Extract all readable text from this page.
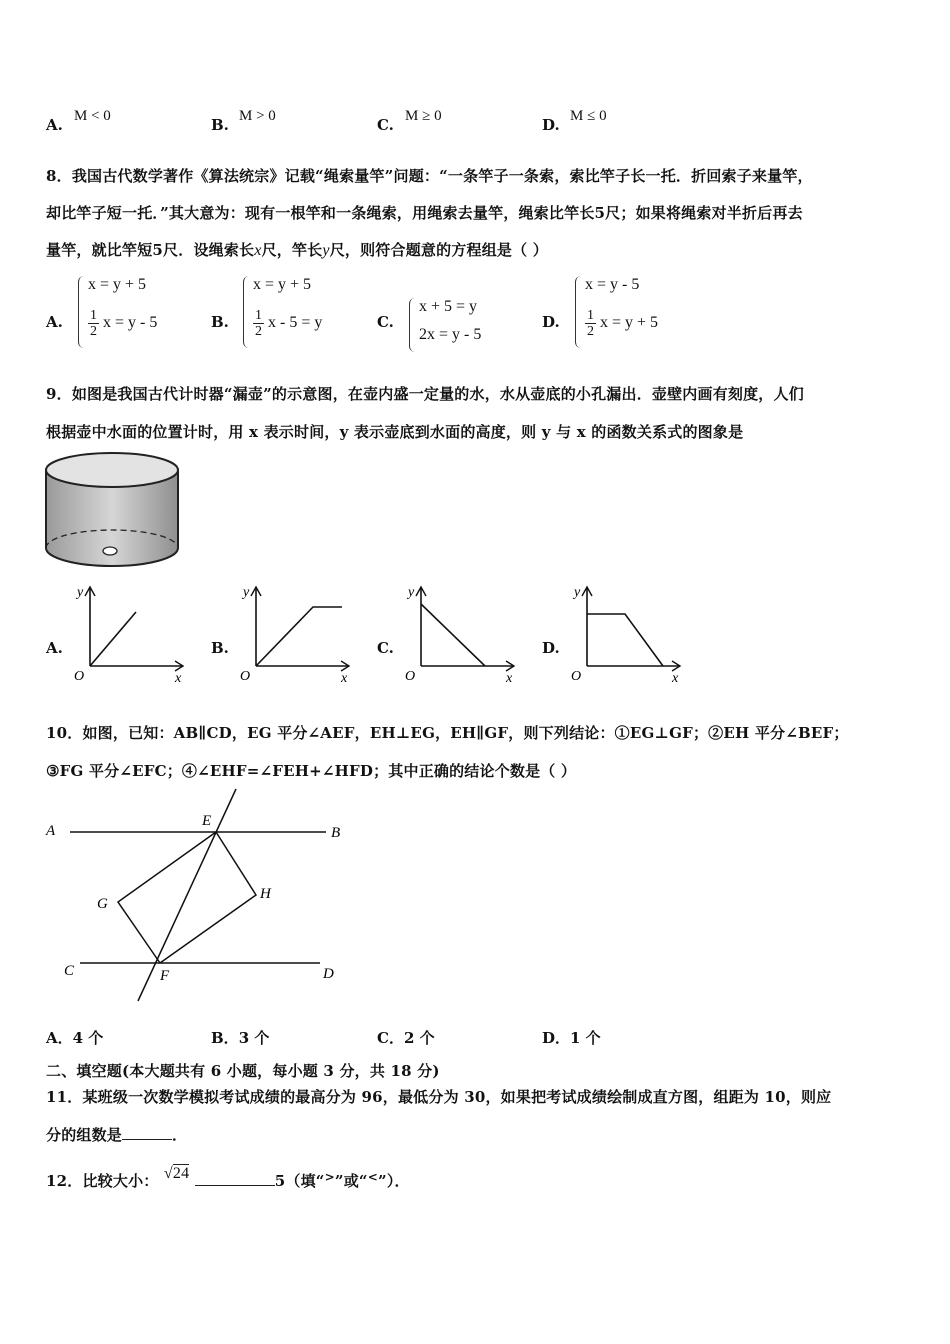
A. M < 0	B. M > 0	C. M ≥ 0	D. M ≤ 0
8．我国古代数学著作《算法统宗》记载“绳索量竿”问题：“一条竿子一条索，索比竿子长一托．折回索子来量竿，
却比竿子短一托．”其大意为：现有一根竿和一条绳索，用绳索去量竿，绳索比竿长5尺；如果将绳索对半折后再去
量竿，就比竿短5尺．设绳索长x尺，竿长y尺，则符合题意的方程组是（ ）
A.
x = y + 5
$\frac{1}{2}$ x = y - 5	B.
x = y + 5
$\frac{1}{2}$ x - 5 = y	C.
x + 5 = y
2x = y - 5
D.
x = y - 5
$\frac{1}{2}$ x = y + 5
9．如图是我国古代计时器“漏壶”的示意图，在壶内盛一定量的水，水从壶底的小孔漏出．壶壁内画有刻度，人们
根据壶中水面的位置计时，用 x 表示时间，y 表示壶底到水面的高度，则 y 与 x 的函数关系式的图象是
A.
y
O	x
B.
y
O	x
C.
y
O	x
D.
y
O	x
10．如图，已知：AB∥CD，EG 平分∠AEF，EH⊥EG，EH∥GF，则下列结论：①EG⊥GF；②EH 平分∠BEF；
③FG 平分∠EFC；④∠EHF=∠FEH+∠HFD；其中正确的结论个数是（ ）
A	B
C	D
E
F
G
H
A．4 个	B．3 个	C．2 个	D．1 个
二、填空题(本大题共有 6 小题，每小题 3 分，共 18 分)
11．某班级一次数学模拟考试成绩的最高分为 96，最低分为 30，如果把考试成绩绘制成直方图，组距为 10，则应
分的组数是	．
12．比较大小： √24	5（填“>”或“<”）．
